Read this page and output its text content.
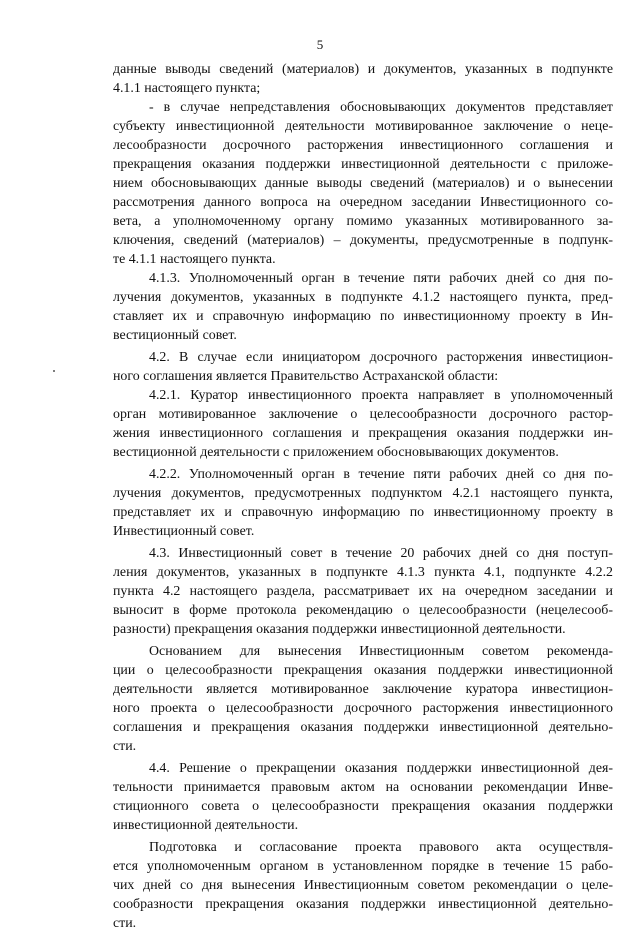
5
данные выводы сведений (материалов) и документов, указанных в подпункте
4.1.1 настоящего пункта;
- в случае непредставления обосновывающих документов представляет
субъекту инвестиционной деятельности мотивированное заключение о неце-
лесообразности досрочного расторжения инвестиционного соглашения и
прекращения оказания поддержки инвестиционной деятельности с приложе-
нием обосновывающих данные выводы сведений (материалов) и о вынесении
рассмотрения данного вопроса на очередном заседании Инвестиционного со-
вета, а уполномоченному органу помимо указанных мотивированного за-
ключения, сведений (материалов) – документы, предусмотренные в подпунк-
те 4.1.1 настоящего пункта.
4.1.3. Уполномоченный орган в течение пяти рабочих дней со дня по-
лучения документов, указанных в подпункте 4.1.2 настоящего пункта, пред-
ставляет их и справочную информацию по инвестиционному проекту в Ин-
вестиционный совет.
4.2. В случае если инициатором досрочного расторжения инвестицион-
ного соглашения является Правительство Астраханской области:
4.2.1. Куратор инвестиционного проекта направляет в уполномоченный
орган мотивированное заключение о целесообразности досрочного растор-
жения инвестиционного соглашения и прекращения оказания поддержки ин-
вестиционной деятельности с приложением обосновывающих документов.
4.2.2. Уполномоченный орган в течение пяти рабочих дней со дня по-
лучения документов, предусмотренных подпунктом 4.2.1 настоящего пункта,
представляет их и справочную информацию по инвестиционному проекту в
Инвестиционный совет.
4.3. Инвестиционный совет в течение 20 рабочих дней со дня поступ-
ления документов, указанных в подпункте 4.1.3 пункта 4.1, подпункте 4.2.2
пункта 4.2 настоящего раздела, рассматривает их на очередном заседании и
выносит в форме протокола рекомендацию о целесообразности (нецелесооб-
разности) прекращения оказания поддержки инвестиционной деятельности.
Основанием для вынесения Инвестиционным советом рекоменда-
ции о целесообразности прекращения оказания поддержки инвестиционной
деятельности является мотивированное заключение куратора инвестицион-
ного проекта о целесообразности досрочного расторжения инвестиционного
соглашения и прекращения оказания поддержки инвестиционной деятельно-
сти.
4.4. Решение о прекращении оказания поддержки инвестиционной дея-
тельности принимается правовым актом на основании рекомендации Инве-
стиционного совета о целесообразности прекращения оказания поддержки
инвестиционной деятельности.
Подготовка и согласование проекта правового акта осуществля-
ется уполномоченным органом в установленном порядке в течение 15 рабо-
чих дней со дня вынесения Инвестиционным советом рекомендации о целе-
сообразности прекращения оказания поддержки инвестиционной деятельно-
сти.
